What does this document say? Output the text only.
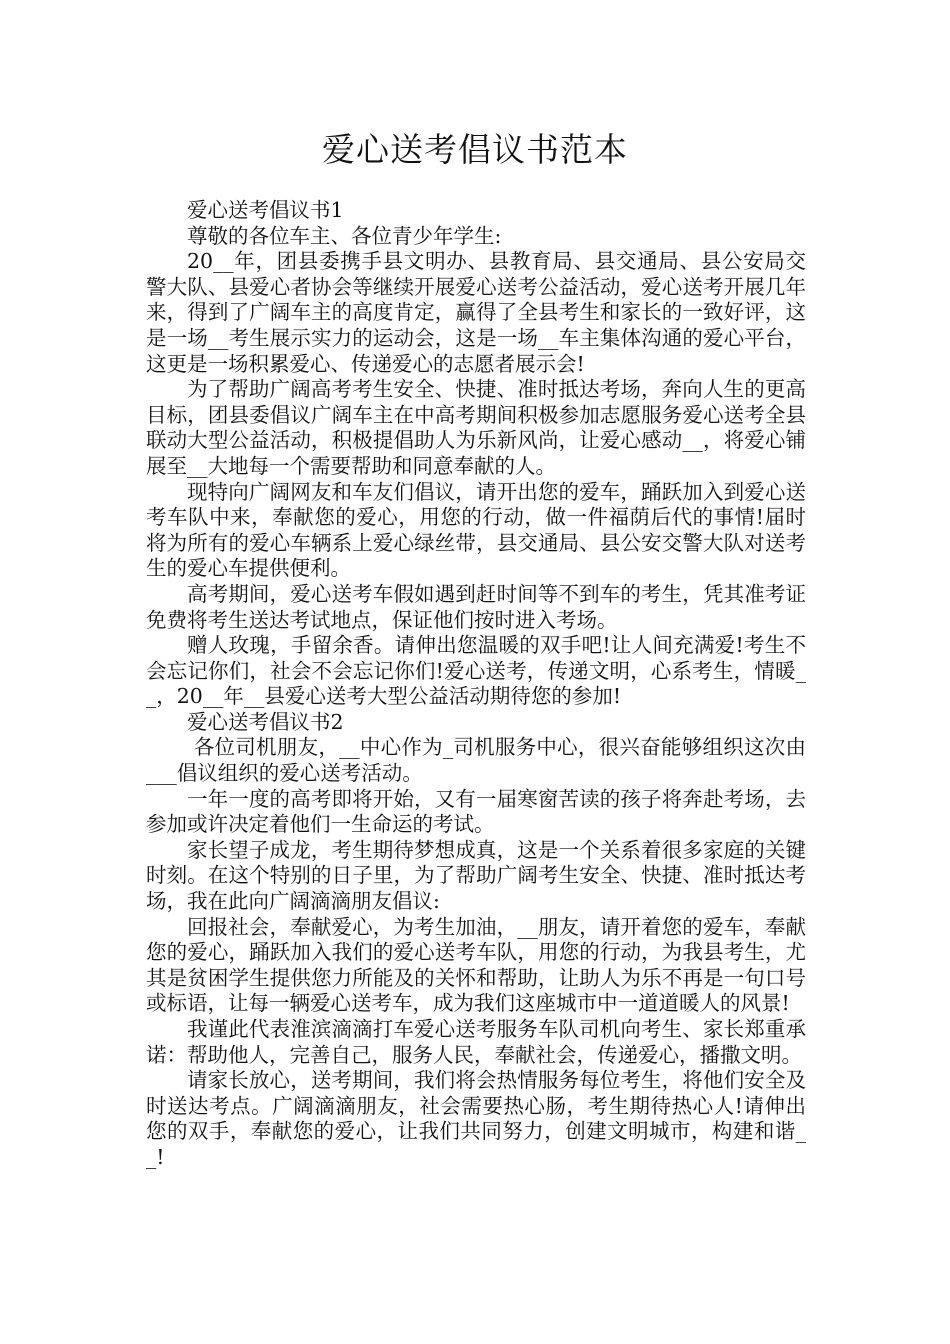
爱心送考倡议书范本

爱心送考倡议书1

尊敬的各位车主、各位青少年学生:

20__年，团县委携手县文明办、县教育局、县交通局、县公安局交警大队、县爱心者协会等继续开展爱心送考公益活动，爱心送考开展几年来，得到了广阔车主的高度肯定，赢得了全县考生和家长的一致好评，这是一场__考生展示实力的运动会，这是一场__车主集体沟通的爱心平台，这更是一场积累爱心、传递爱心的志愿者展示会!

为了帮助广阔高考考生安全、快捷、准时抵达考场，奔向人生的更高目标，团县委倡议广阔车主在中高考期间积极参加志愿服务爱心送考全县联动大型公益活动，积极提倡助人为乐新风尚，让爱心感动__，将爱心铺展至__大地每一个需要帮助和同意奉献的人。

现特向广阔网友和车友们倡议，请开出您的爱车，踊跃加入到爱心送考车队中来，奉献您的爱心，用您的行动，做一件福荫后代的事情!届时将为所有的爱心车辆系上爱心绿丝带，县交通局、县公安交警大队对送考生的爱心车提供便利。

高考期间，爱心送考车假如遇到赶时间等不到车的考生，凭其准考证免费将考生送达考试地点，保证他们按时进入考场。

赠人玫瑰，手留余香。请伸出您温暖的双手吧!让人间充满爱!考生不会忘记你们，社会不会忘记你们!爱心送考，传递文明，心系考生，情暖__，20__年__县爱心送考大型公益活动期待您的参加!

爱心送考倡议书2

各位司机朋友，__中心作为_司机服务中心，很兴奋能够组织这次由___倡议组织的爱心送考活动。

一年一度的高考即将开始，又有一届寒窗苦读的孩子将奔赴考场，去参加或许决定着他们一生命运的考试。

家长望子成龙，考生期待梦想成真，这是一个关系着很多家庭的关键时刻。在这个特别的日子里，为了帮助广阔考生安全、快捷、准时抵达考场，我在此向广阔滴滴朋友倡议:

回报社会，奉献爱心，为考生加油，__朋友，请开着您的爱车，奉献您的爱心，踊跃加入我们的爱心送考车队，用您的行动，为我县考生，尤其是贫困学生提供您力所能及的关怀和帮助，让助人为乐不再是一句口号或标语，让每一辆爱心送考车，成为我们这座城市中一道道暖人的风景!

我谨此代表淮滨滴滴打车爱心送考服务车队司机向考生、家长郑重承诺：帮助他人，完善自己，服务人民，奉献社会，传递爱心，播撒文明。

请家长放心，送考期间，我们将会热情服务每位考生，将他们安全及时送达考点。广阔滴滴朋友，社会需要热心肠，考生期待热心人!请伸出您的双手，奉献您的爱心，让我们共同努力，创建文明城市，构建和谐__!
